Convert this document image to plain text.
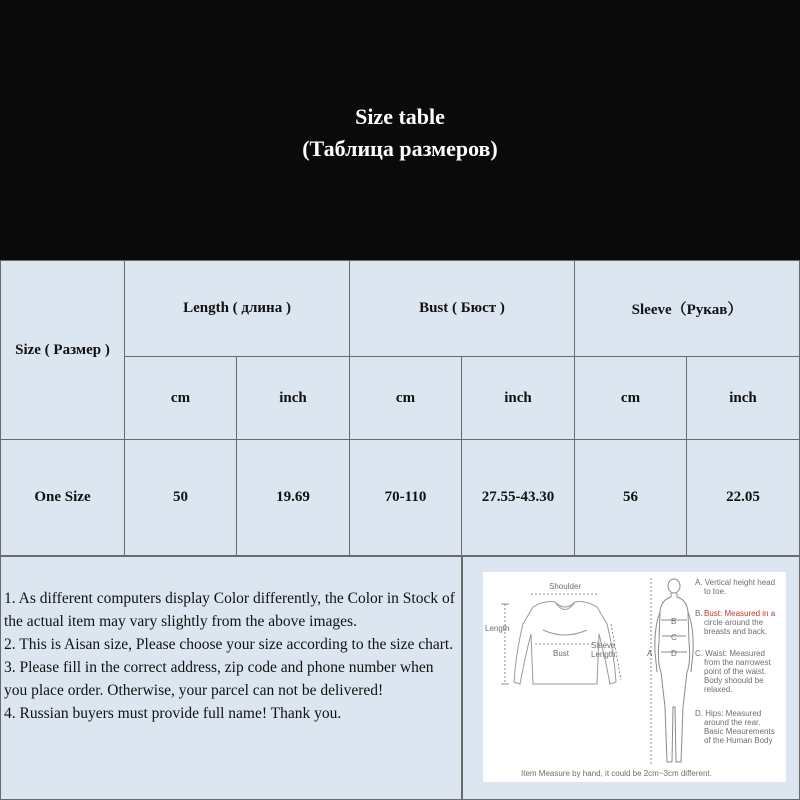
Size table
(Таблица размеров)
Size ( Размер )
Length ( длина )	Bust ( Бюст )	Sleeve（Рукав）
cm	inch	cm	inch	cm	inch
One Size	50	19.69	70-110	27.55-43.30	56	22.05

1. As different computers display Color differently, the Color in Stock of the actual item may vary slightly from the above images.

2. This is Aisan size, Please choose your size according to the size chart.

3. Please fill in the correct address, zip code and phone number when you place order. Otherwise, your parcel can not be delivered!

4. Russian buyers must provide full name! Thank you.

Shoulder
Length
Bust
Sleeve
Length	A
B
C
D
A. Vertical height head
to toe.
B. Bust: Measured in a
circle around the
breasts and back.
C. Waist: Measured
from the narrowest
point of the waist.
Body shoould be
relaxed.
D. Hips: Measured
around the rear.
Basic Meaurements
of the Human Body
Item Measure by hand, it could be 2cm~3cm different.
